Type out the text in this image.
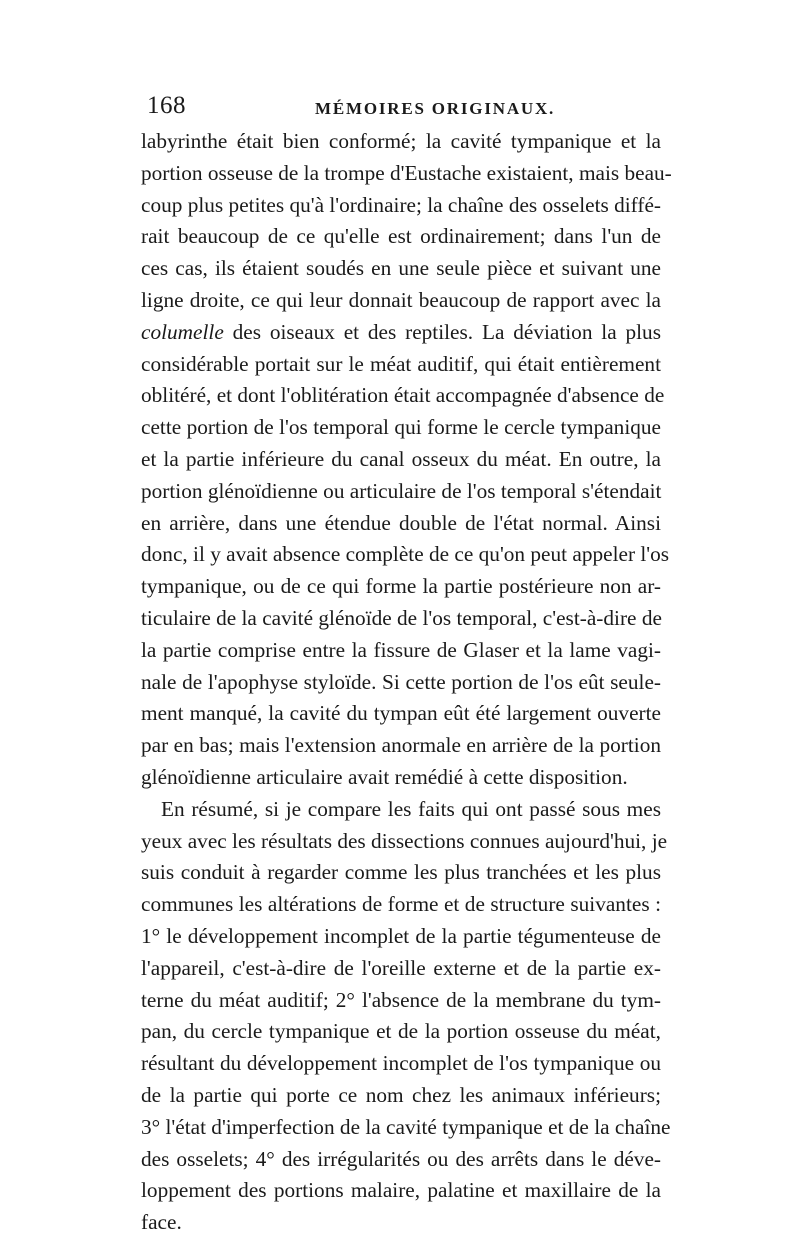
168	MÉMOIRES ORIGINAUX.
labyrinthe était bien conformé; la cavité tympanique et la
portion osseuse de la trompe d'Eustache existaient, mais beau-
coup plus petites qu'à l'ordinaire; la chaîne des osselets diffé-
rait beaucoup de ce qu'elle est ordinairement; dans l'un de
ces cas, ils étaient soudés en une seule pièce et suivant une
ligne droite, ce qui leur donnait beaucoup de rapport avec la
columelle des oiseaux et des reptiles. La déviation la plus
considérable portait sur le méat auditif, qui était entièrement
oblitéré, et dont l'oblitération était accompagnée d'absence de
cette portion de l'os temporal qui forme le cercle tympanique
et la partie inférieure du canal osseux du méat. En outre, la
portion glénoïdienne ou articulaire de l'os temporal s'étendait
en arrière, dans une étendue double de l'état normal. Ainsi
donc, il y avait absence complète de ce qu'on peut appeler l'os
tympanique, ou de ce qui forme la partie postérieure non ar-
ticulaire de la cavité glénoïde de l'os temporal, c'est-à-dire de
la partie comprise entre la fissure de Glaser et la lame vagi-
nale de l'apophyse styloïde. Si cette portion de l'os eût seule-
ment manqué, la cavité du tympan eût été largement ouverte
par en bas; mais l'extension anormale en arrière de la portion
glénoïdienne articulaire avait remédié à cette disposition.
En résumé, si je compare les faits qui ont passé sous mes
yeux avec les résultats des dissections connues aujourd'hui, je
suis conduit à regarder comme les plus tranchées et les plus
communes les altérations de forme et de structure suivantes :
1° le développement incomplet de la partie tégumenteuse de
l'appareil, c'est-à-dire de l'oreille externe et de la partie ex-
terne du méat auditif; 2° l'absence de la membrane du tym-
pan, du cercle tympanique et de la portion osseuse du méat,
résultant du développement incomplet de l'os tympanique ou
de la partie qui porte ce nom chez les animaux inférieurs;
3° l'état d'imperfection de la cavité tympanique et de la chaîne
des osselets; 4° des irrégularités ou des arrêts dans le déve-
loppement des portions malaire, palatine et maxillaire de la
face.
